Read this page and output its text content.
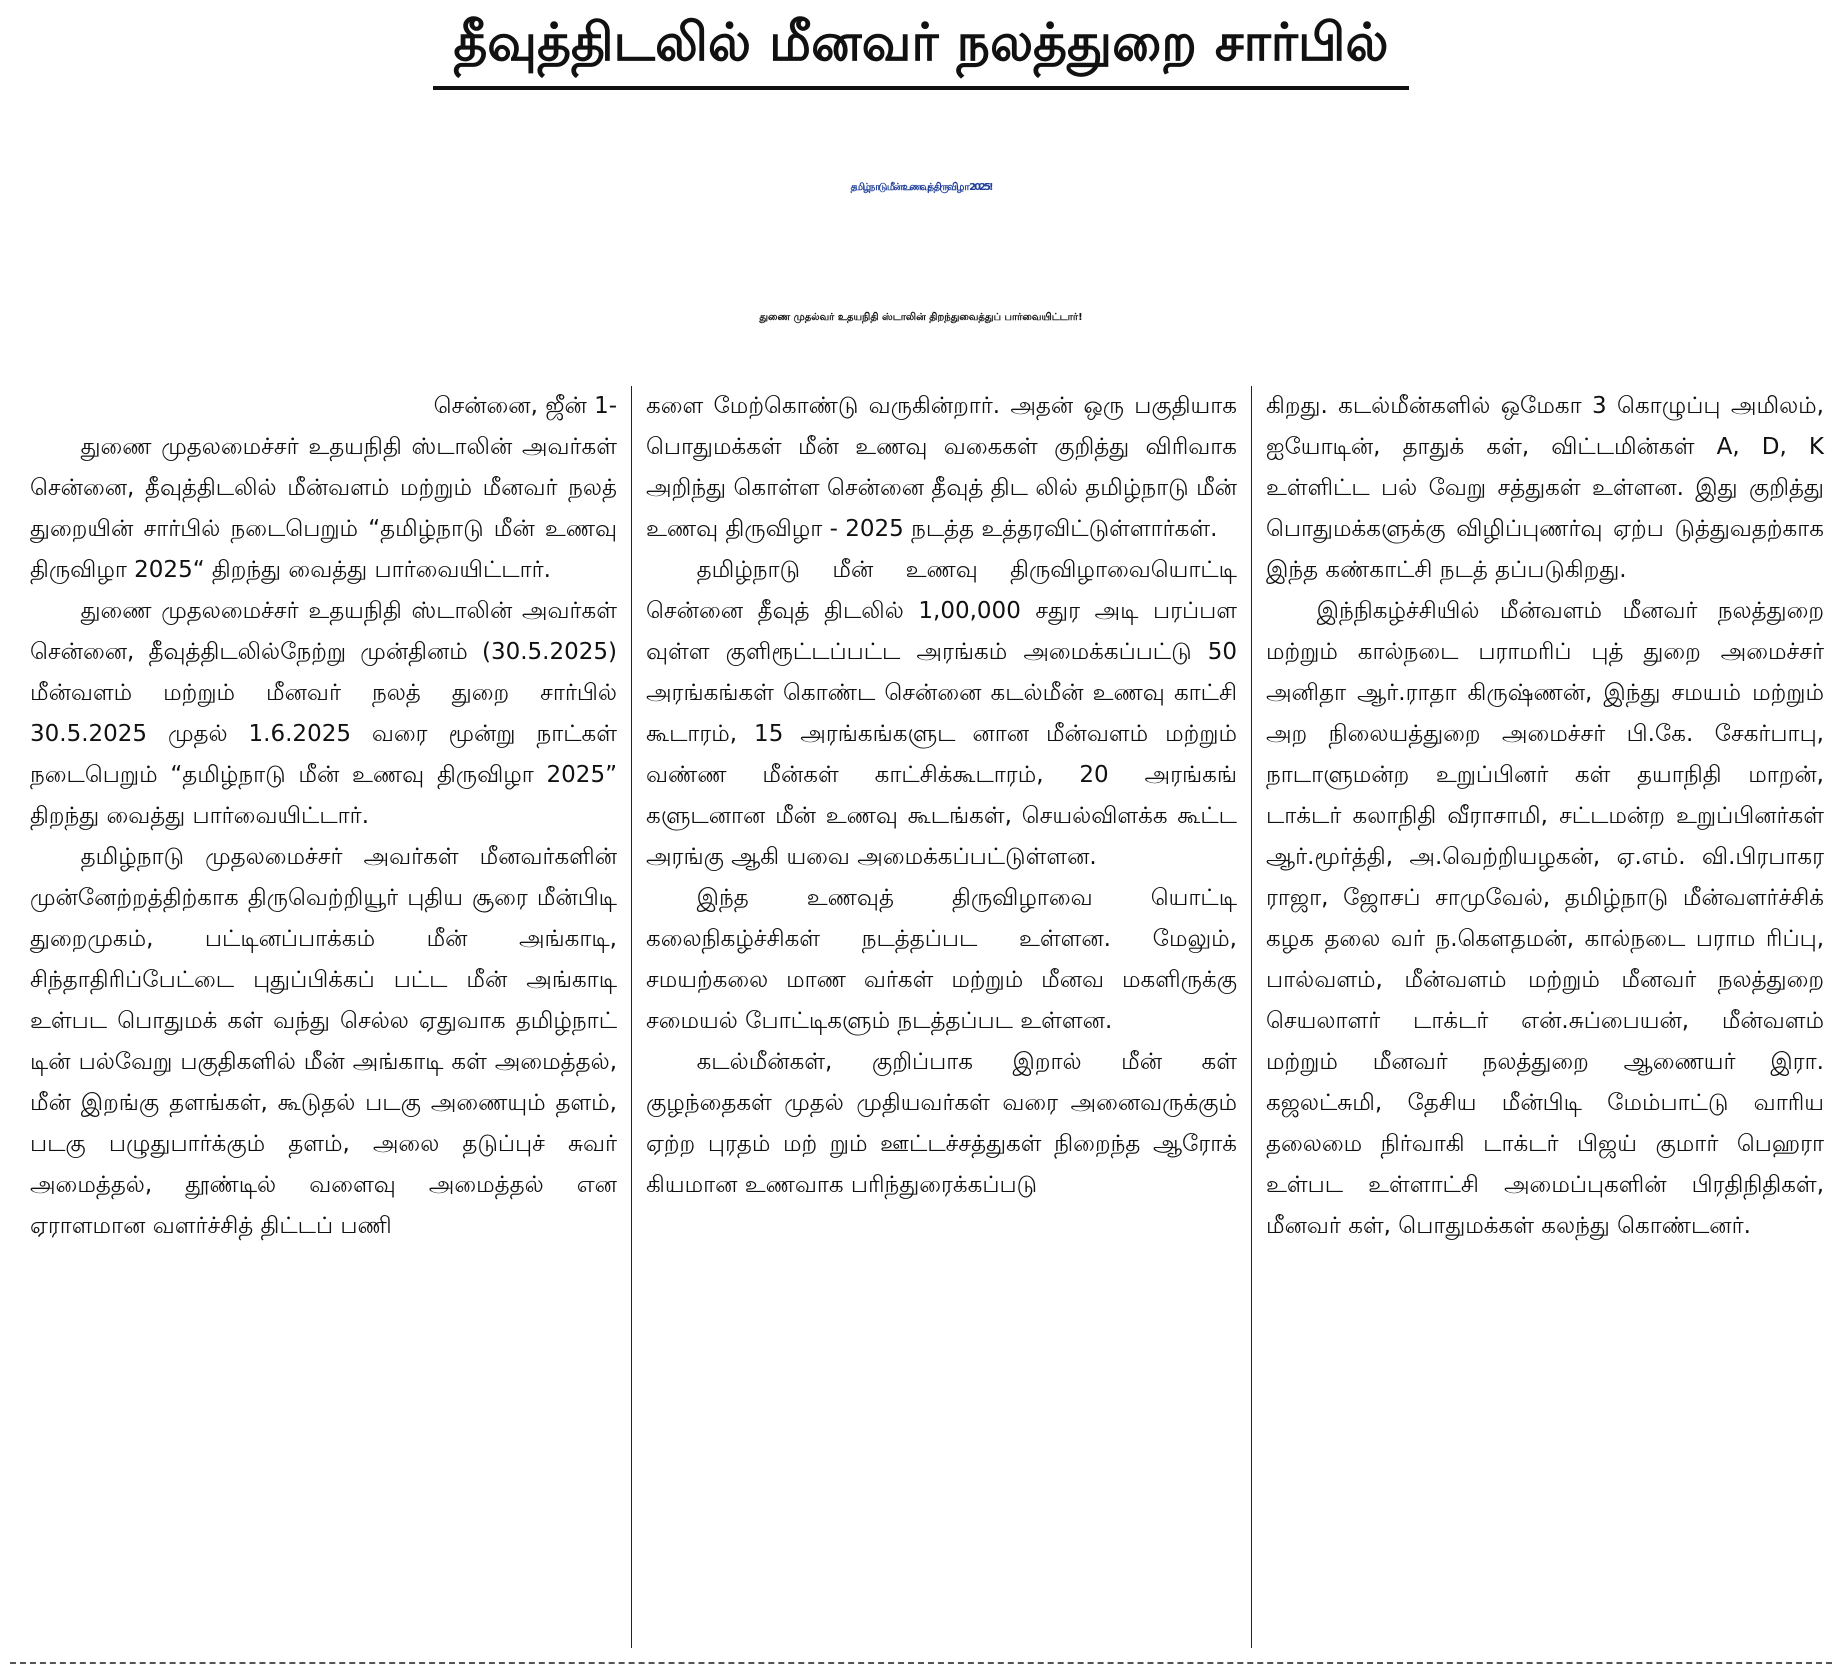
தீவுத்திடலில் மீனவர் நலத்துறை சார்பில்
தமிழ்நாடு மீன் உணவுத் திருவிழா 2025!
துணை முதல்வர் உதயநிதி ஸ்டாலின் திறந்துவைத்துப் பார்வையிட்டார்!
சென்னை, ஜீன் 1-

துணை முதலமைச்சர் உதயநிதி ஸ்டாலின் அவர்கள் சென்னை, தீவுத்திடலில் மீன்வளம் மற்றும் மீனவர் நலத் துறையின் சார்பில் நடைபெறும் “தமிழ்நாடு மீன் உணவு திருவிழா 2025“ திறந்து வைத்து பார்வையிட்டார்.

துணை முதலமைச்சர் உதயநிதி ஸ்டாலின் அவர்கள் சென்னை, தீவுத்திடலில்நேற்று முன்தினம் (30.5.2025) மீன்வளம் மற்றும் மீனவர் நலத் துறை சார்பில் 30.5.2025 முதல் 1.6.2025 வரை மூன்று நாட்கள் நடைபெறும் “தமிழ்நாடு மீன் உணவு திருவிழா 2025” திறந்து வைத்து பார்வையிட்டார்.

தமிழ்நாடு முதலமைச்சர் அவர்கள் மீனவர்களின் முன்னேற்றத்திற்காக திருவெற்றியூர் புதிய சூரை மீன்பிடி துறைமுகம், பட்டினப்பாக்கம் மீன் அங்காடி, சிந்தாதிரிப்பேட்டை புதுப்பிக்கப் பட்ட மீன் அங்காடி உள்பட பொதுமக் கள் வந்து செல்ல ஏதுவாக தமிழ்நாட் டின் பல்வேறு பகுதிகளில் மீன் அங்காடி கள் அமைத்தல், மீன் இறங்கு தளங்கள், கூடுதல் படகு அணையும் தளம், படகு பழுதுபார்க்கும் தளம், அலை தடுப்புச் சுவர் அமைத்தல், தூண்டில் வளைவு அமைத்தல் என ஏராளமான வளர்ச்சித் திட்டப் பணி

களை மேற்கொண்டு வருகின்றார். அதன் ஒரு பகுதியாக பொதுமக்கள் மீன் உணவு வகைகள் குறித்து விரிவாக அறிந்து கொள்ள சென்னை தீவுத் திட லில் தமிழ்நாடு மீன் உணவு திருவிழா - 2025 நடத்த உத்தரவிட்டுள்ளார்கள்.

தமிழ்நாடு மீன் உணவு திருவிழாவையொட்டி சென்னை தீவுத் திடலில் 1,00,000 சதுர அடி பரப்பள வுள்ள குளிரூட்டப்பட்ட அரங்கம் அமைக்கப்பட்டு 50 அரங்கங்கள் கொண்ட சென்னை கடல்மீன் உணவு காட்சி கூடாரம், 15 அரங்கங்களுட னான மீன்வளம் மற்றும் வண்ண மீன்கள் காட்சிக்கூடாரம், 20 அரங்கங் களுடனான மீன் உணவு கூடங்கள், செயல்விளக்க கூட்ட அரங்கு ஆகி யவை அமைக்கப்பட்டுள்ளன.

இந்த உணவுத் திருவிழாவை யொட்டி கலைநிகழ்ச்சிகள் நடத்தப்பட உள்ளன. மேலும், சமயற்கலை மாண வர்கள் மற்றும் மீனவ மகளிருக்கு சமையல் போட்டிகளும் நடத்தப்பட உள்ளன.

கடல்மீன்கள், குறிப்பாக இறால் மீன் கள் குழந்தைகள் முதல் முதியவர்கள் வரை அனைவருக்கும் ஏற்ற புரதம் மற் றும் ஊட்டச்சத்துகள் நிறைந்த ஆரோக் கியமான உணவாக பரிந்துரைக்கப்படு

கிறது. கடல்மீன்களில் ஒமேகா 3 கொழுப்பு அமிலம், ஐயோடின், தாதுக் கள், விட்டமின்கள் A, D, K உள்ளிட்ட பல் வேறு சத்துகள் உள்ளன. இது குறித்து பொதுமக்களுக்கு விழிப்புணர்வு ஏற்ப டுத்துவதற்காக இந்த கண்காட்சி நடத் தப்படுகிறது.

இந்நிகழ்ச்சியில் மீன்வளம் மீனவர் நலத்துறை மற்றும் கால்நடை பராமரிப் புத் துறை அமைச்சர் அனிதா ஆர்.ராதா கிருஷ்ணன், இந்து சமயம் மற்றும் அற நிலையத்துறை அமைச்சர் பி.கே. சேகர்பாபு, நாடாளுமன்ற உறுப்பினர் கள் தயாநிதி மாறன், டாக்டர் கலாநிதி வீராசாமி, சட்டமன்ற உறுப்பினர்கள் ஆர்.மூர்த்தி, அ.வெற்றியழகன், ஏ.எம். வி.பிரபாகர ராஜா, ஜோசப் சாமுவேல், தமிழ்நாடு மீன்வளர்ச்சிக் கழக தலை வர் ந.கௌதமன், கால்நடை பராம ரிப்பு, பால்வளம், மீன்வளம் மற்றும் மீனவர் நலத்துறை செயலாளர் டாக்டர் என்.சுப்பையன், மீன்வளம் மற்றும் மீனவர் நலத்துறை ஆணையர் இரா. கஜலட்சுமி, தேசிய மீன்பிடி மேம்பாட்டு வாரிய தலைமை நிர்வாகி டாக்டர் பிஜய் குமார் பெஹரா உள்பட உள்ளாட்சி அமைப்புகளின் பிரதிநிதிகள், மீனவர் கள், பொதுமக்கள் கலந்து கொண்டனர்.
